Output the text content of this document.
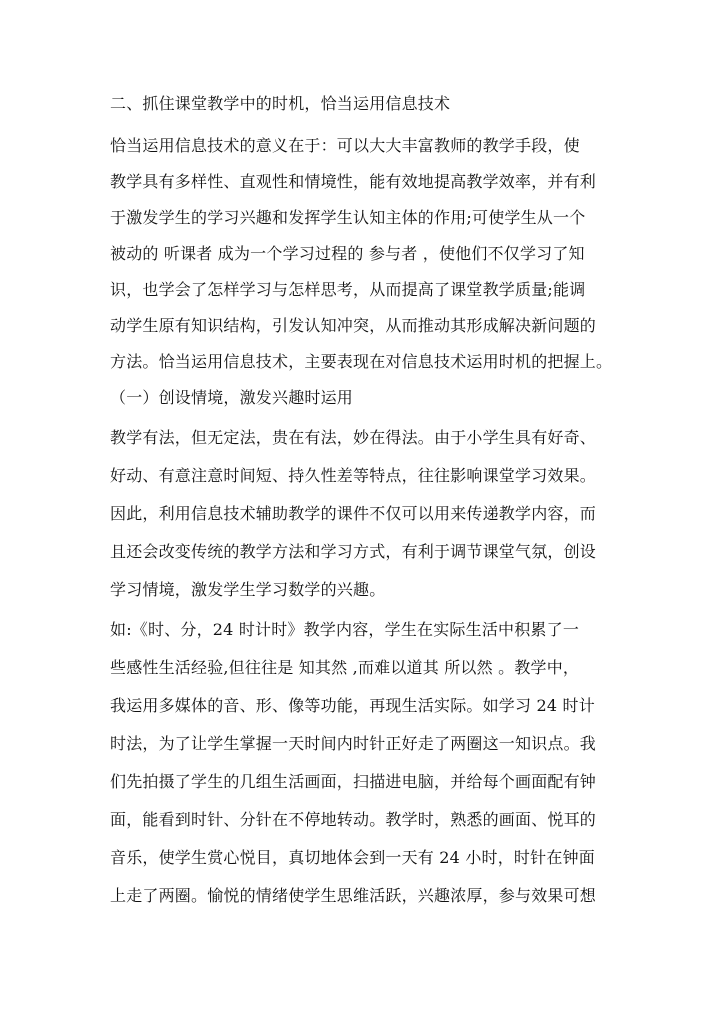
二、抓住课堂教学中的时机，恰当运用信息技术
恰当运用信息技术的意义在于：可以大大丰富教师的教学手段，使
教学具有多样性、直观性和情境性，能有效地提高教学效率，并有利
于激发学生的学习兴趣和发挥学生认知主体的作用;可使学生从一个
被动的 听课者 成为一个学习过程的 参与者 ，使他们不仅学习了知
识，也学会了怎样学习与怎样思考，从而提高了课堂教学质量;能调
动学生原有知识结构，引发认知冲突，从而推动其形成解决新问题的
方法。恰当运用信息技术，主要表现在对信息技术运用时机的把握上。
（一）创设情境，激发兴趣时运用
教学有法，但无定法，贵在有法，妙在得法。由于小学生具有好奇、
好动、有意注意时间短、持久性差等特点，往往影响课堂学习效果。
因此，利用信息技术辅助教学的课件不仅可以用来传递教学内容，而
且还会改变传统的教学方法和学习方式，有利于调节课堂气氛，创设
学习情境，激发学生学习数学的兴趣。
如:《时、分，24 时计时》教学内容，学生在实际生活中积累了一
些感性生活经验,但往往是 知其然 ,而难以道其 所以然 。教学中，
我运用多媒体的音、形、像等功能，再现生活实际。如学习 24 时计
时法，为了让学生掌握一天时间内时针正好走了两圈这一知识点。我
们先拍摄了学生的几组生活画面，扫描进电脑，并给每个画面配有钟
面，能看到时针、分针在不停地转动。教学时，熟悉的画面、悦耳的
音乐，使学生赏心悦目，真切地体会到一天有 24 小时，时针在钟面
上走了两圈。愉悦的情绪使学生思维活跃，兴趣浓厚，参与效果可想
